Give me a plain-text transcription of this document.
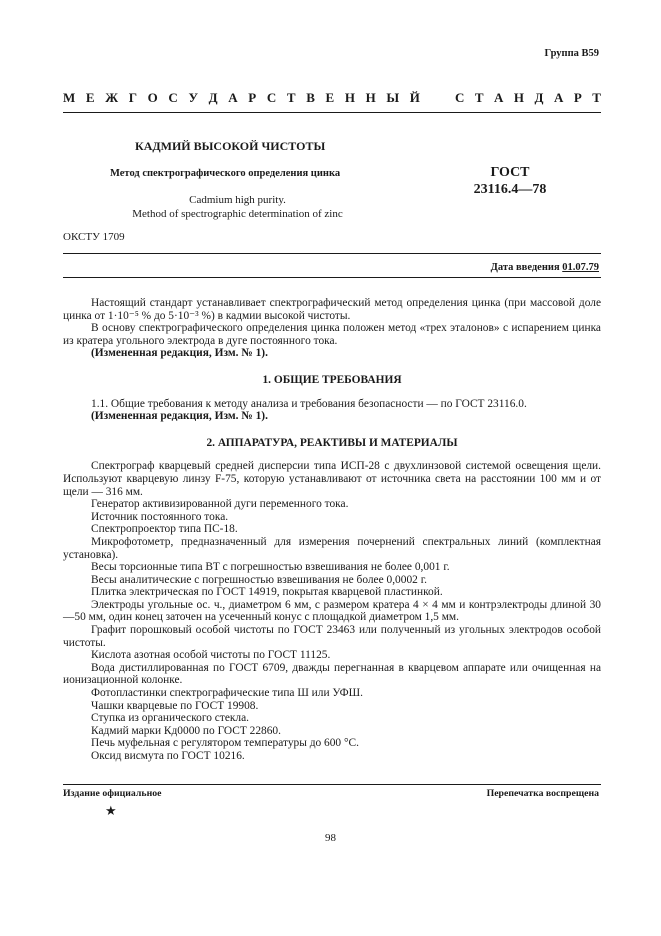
Группа В59
М Е Ж Г О С У Д А Р С Т В Е Н Н Ы Й	С Т А Н Д А Р Т
КАДМИЙ ВЫСОКОЙ ЧИСТОТЫ
Метод спектрографического определения цинка
Cadmium high purity.
Method of spectrographic determination of zinc
ГОСТ
23116.4—78
ОКСТУ 1709
Дата введения 01.07.79

Настоящий стандарт устанавливает спектрографический метод определения цинка (при массовой доле цинка от 1·10⁻⁵ % до 5·10⁻³ %) в кадмии высокой чистоты.

В основу спектрографического определения цинка положен метод «трех эталонов» с испарением цинка из кратера угольного электрода в дуге постоянного тока.

(Измененная редакция, Изм. № 1).

1. ОБЩИЕ ТРЕБОВАНИЯ

1.1. Общие требования к методу анализа и требования безопасности — по ГОСТ 23116.0.

(Измененная редакция, Изм. № 1).

2. АППАРАТУРА, РЕАКТИВЫ И МАТЕРИАЛЫ

Спектрограф кварцевый средней дисперсии типа ИСП-28 с двухлинзовой системой освещения щели. Используют кварцевую линзу F-75, которую устанавливают от источника света на расстоянии 100 мм и от щели — 316 мм.

Генератор активизированной дуги переменного тока.

Источник постоянного тока.

Спектропроектор типа ПС-18.

Микрофотометр, предназначенный для измерения почернений спектральных линий (комплектная установка).

Весы торсионные типа ВТ с погрешностью взвешивания не более 0,001 г.

Весы аналитические с погрешностью взвешивания не более 0,0002 г.

Плитка электрическая по ГОСТ 14919, покрытая кварцевой пластинкой.

Электроды угольные ос. ч., диаметром 6 мм, с размером кратера 4 × 4 мм и контрэлектроды длиной 30—50 мм, один конец заточен на усеченный конус с площадкой диаметром 1,5 мм.

Графит порошковый особой чистоты по ГОСТ 23463 или полученный из угольных электродов особой чистоты.

Кислота азотная особой чистоты по ГОСТ 11125.

Вода дистиллированная по ГОСТ 6709, дважды перегнанная в кварцевом аппарате или очищенная на ионизационной колонке.

Фотопластинки спектрографические типа Ш или УФШ.

Чашки кварцевые по ГОСТ 19908.

Ступка из органического стекла.

Кадмий марки Кд0000 по ГОСТ 22860.

Печь муфельная с регулятором температуры до 600 °С.

Оксид висмута по ГОСТ 10216.

Издание официальное	Перепечатка воспрещена
★
98
